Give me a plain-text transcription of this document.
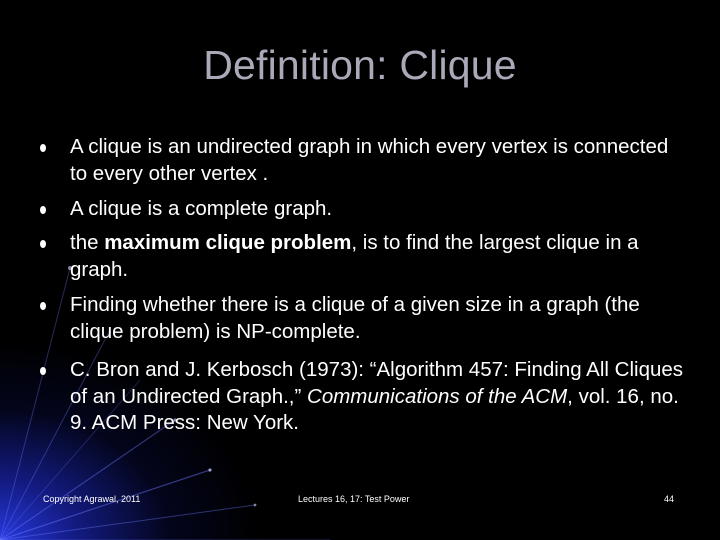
Definition: Clique
A clique is an undirected graph in which every vertex is connected to every other vertex .
A clique is a complete graph.
the maximum clique problem, is to find the largest clique in a graph.
Finding whether there is a clique of a given size in a graph (the clique problem) is NP-complete.
C. Bron and J. Kerbosch (1973): “Algorithm 457: Finding All Cliques of an Undirected Graph.,” Communications of the ACM, vol. 16, no. 9. ACM Press: New York.
Copyright Agrawal, 2011	Lectures 16, 17: Test Power	44
